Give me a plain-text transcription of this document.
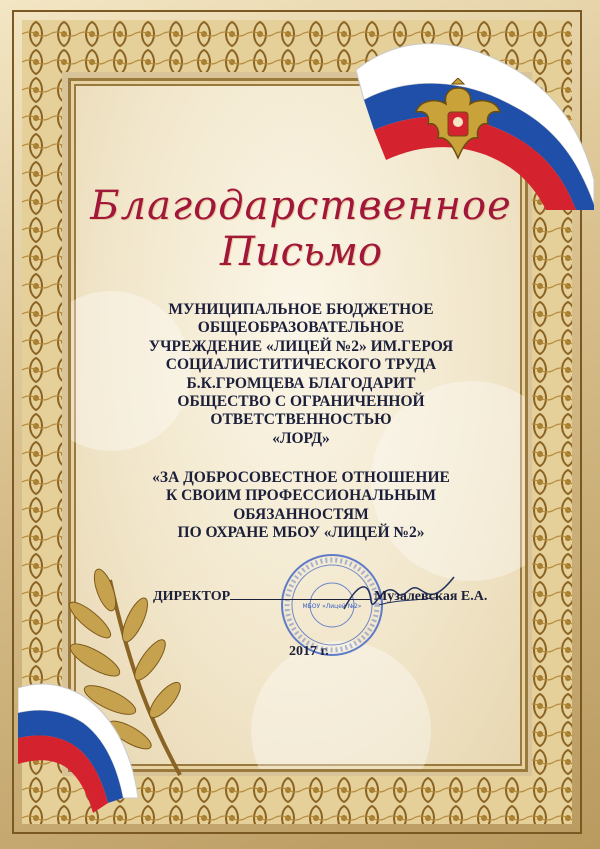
Благодарственное
Письмо
МУНИЦИПАЛЬНОЕ БЮДЖЕТНОЕ
ОБЩЕОБРАЗОВАТЕЛЬНОЕ
УЧРЕЖДЕНИЕ «ЛИЦЕЙ №2» ИМ.ГЕРОЯ
СОЦИАЛИСТИТИЧЕСКОГО ТРУДА
Б.К.ГРОМЦЕВА БЛАГОДАРИТ
ОБЩЕСТВО С ОГРАНИЧЕННОЙ
ОТВЕТСТВЕННОСТЬЮ
«ЛОРД»
«ЗА ДОБРОСОВЕСТНОЕ ОТНОШЕНИЕ
К СВОИМ ПРОФЕССИОНАЛЬНЫМ
ОБЯЗАННОСТЯМ
ПО ОХРАНЕ МБОУ «ЛИЦЕЙ №2»
МБОУ «Лицей №2»
ДИРЕКТОР	Музалевская Е.А.
2017 г.
